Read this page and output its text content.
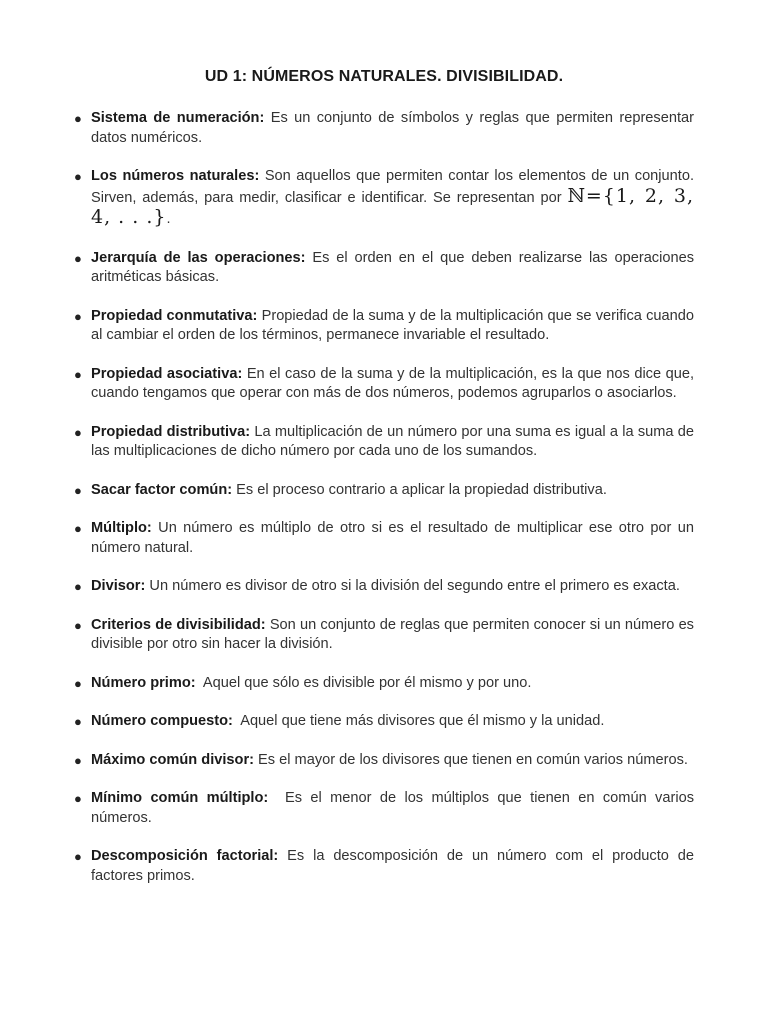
UD 1: NÚMEROS NATURALES. DIVISIBILIDAD.
● Sistema de numeración: Es un conjunto de símbolos y reglas que permiten representar datos numéricos.
● Los números naturales: Son aquellos que permiten contar los elementos de un conjunto. Sirven, además, para medir, clasificar e identificar. Se representan por ℕ={1, 2, 3, 4, . . .}.
● Jerarquía de las operaciones: Es el orden en el que deben realizarse las operaciones aritméticas básicas.
● Propiedad conmutativa: Propiedad de la suma y de la multiplicación que se verifica cuando al cambiar el orden de los términos, permanece invariable el resultado.
● Propiedad asociativa: En el caso de la suma y de la multiplicación, es la que nos dice que, cuando tengamos que operar con más de dos números, podemos agruparlos o asociarlos.
● Propiedad distributiva: La multiplicación de un número por una suma es igual a la suma de las multiplicaciones de dicho número por cada uno de los sumandos.
● Sacar factor común: Es el proceso contrario a aplicar la propiedad distributiva.
● Múltiplo: Un número es múltiplo de otro si es el resultado de multiplicar ese otro por un número natural.
● Divisor: Un número es divisor de otro si la división del segundo entre el primero es exacta.
● Criterios de divisibilidad: Son un conjunto de reglas que permiten conocer si un número es divisible por otro sin hacer la división.
● Número primo:  Aquel que sólo es divisible por él mismo y por uno.
● Número compuesto:  Aquel que tiene más divisores que él mismo y la unidad.
● Máximo común divisor: Es el mayor de los divisores que tienen en común varios números.
● Mínimo común múltiplo:  Es el menor de los múltiplos que tienen en común varios números.
● Descomposición factorial: Es la descomposición de un número com el producto de factores primos.
